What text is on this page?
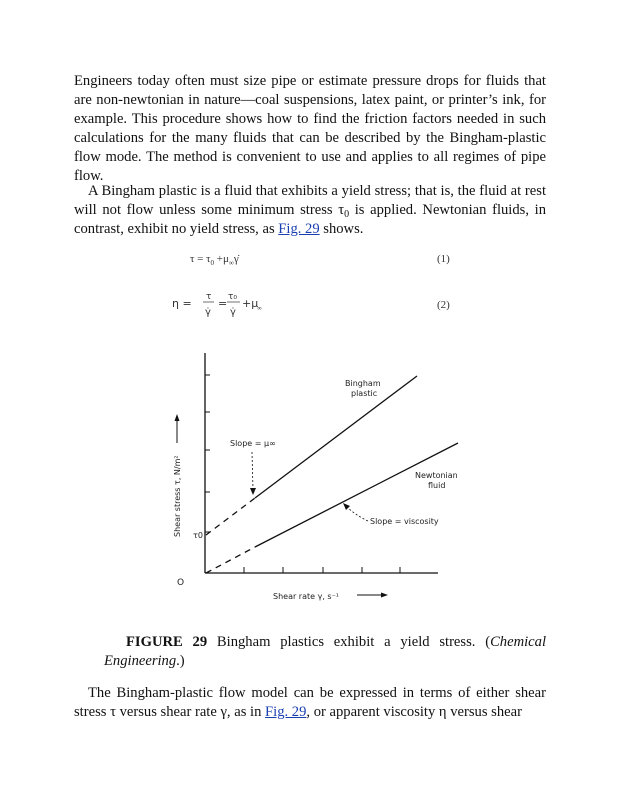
Engineers today often must size pipe or estimate pressure drops for fluids that are non-newtonian in nature—coal suspensions, latex paint, or printer’s ink, for example. This procedure shows how to find the friction factors needed in such calculations for the many fluids that can be described by the Bingham-plastic flow mode. The method is convenient to use and applies to all regimes of pipe flow.

A Bingham plastic is a fluid that exhibits a yield stress; that is, the fluid at rest will not flow unless some minimum stress $\tau_0$ is applied. Newtonian fluids, in contrast, exhibit no yield stress, as Fig. 29 shows.

$\tau = \tau_0$ $+\mu_\infty\gammȧ$	(1)
η = τ
γ̇
= τ₀
γ̇
+μ
∞	(2)
Bingham
plastic
Newtonian
fluid
Slope = μ∞
Slope = viscosity
τ0
O
Shear stress τ, N/m²
Shear rate γ, s⁻¹

FIGURE 29 Bingham plastics exhibit a yield stress. (Chemical Engineering.)

The Bingham-plastic flow model can be expressed in terms of either shear stress τ versus shear rate γ, as in Fig. 29, or apparent viscosity η versus shear
